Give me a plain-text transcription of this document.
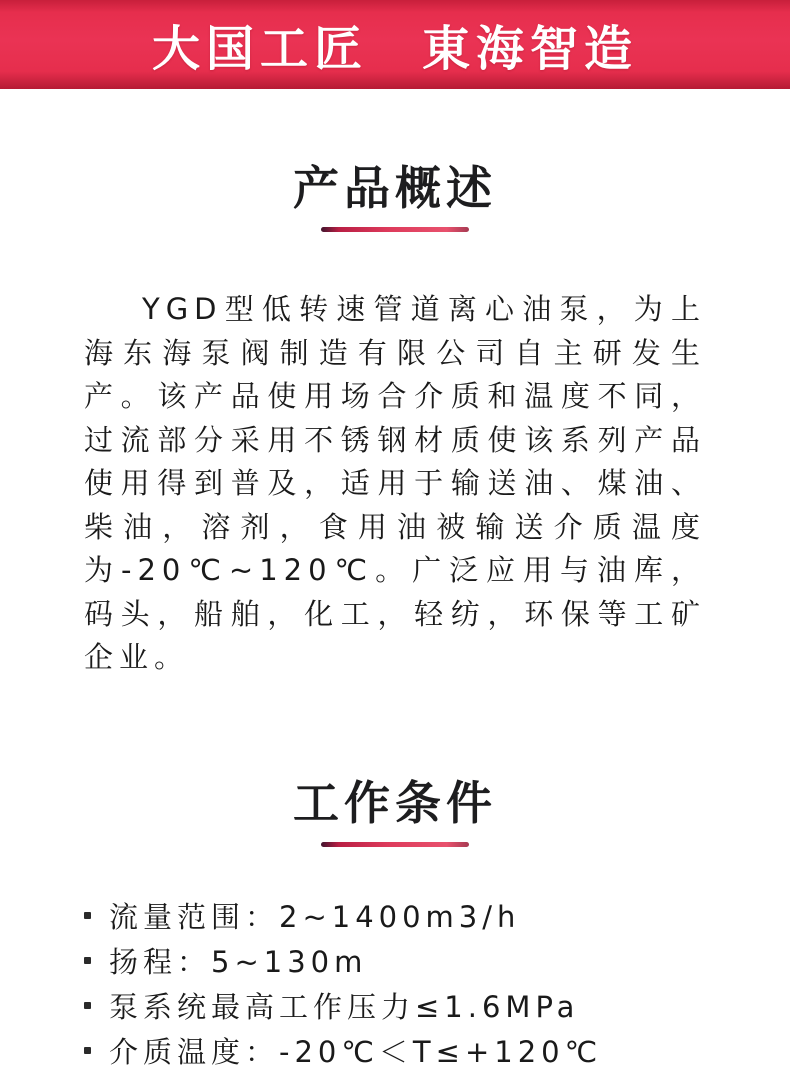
大国工匠　東海智造
产品概述

YGD型低转速管道离心油泵，为上海东海泵阀制造有限公司自主研发生产。该产品使用场合介质和温度不同，过流部分采用不锈钢材质使该系列产品使用得到普及，适用于输送油、煤油、柴油，溶剂，食用油被输送介质温度为-20℃~120℃。广泛应用与油库，码头，船舶，化工，轻纺，环保等工矿企业。

工作条件
流量范围：2~1400m3/h
扬程：5~130m
泵系统最高工作压力≤1.6MPa
介质温度：-20℃＜T≤+120℃
